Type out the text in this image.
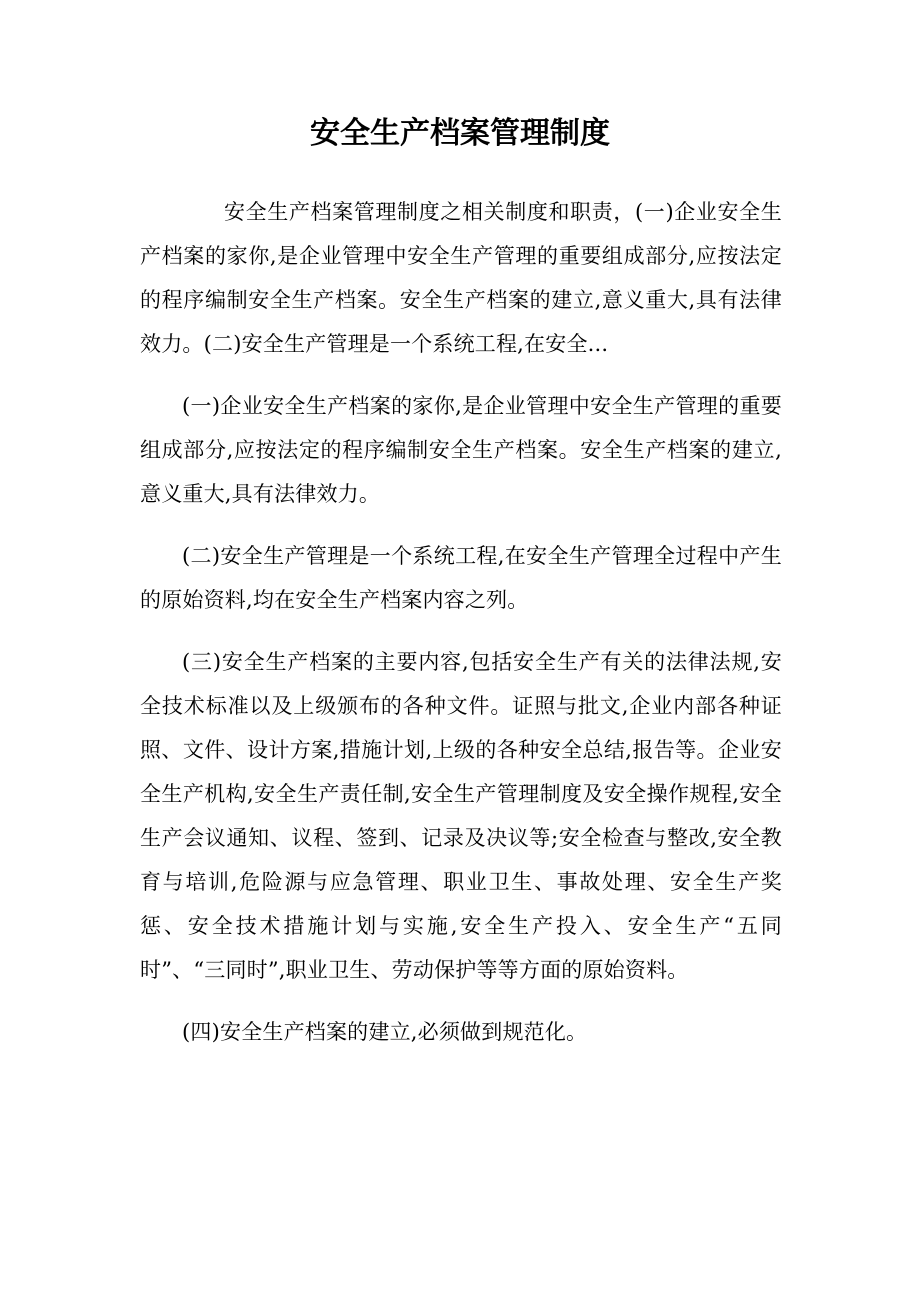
安全生产档案管理制度

安全生产档案管理制度之相关制度和职责，(一)企业安全生产档案的家你,是企业管理中安全生产管理的重要组成部分,应按法定的程序编制安全生产档案。安全生产档案的建立,意义重大,具有法律效力。(二)安全生产管理是一个系统工程,在安全...

(一)企业安全生产档案的家你,是企业管理中安全生产管理的重要组成部分,应按法定的程序编制安全生产档案。安全生产档案的建立,意义重大,具有法律效力。

(二)安全生产管理是一个系统工程,在安全生产管理全过程中产生的原始资料,均在安全生产档案内容之列。

(三)安全生产档案的主要内容,包括安全生产有关的法律法规,安全技术标准以及上级颁布的各种文件。证照与批文,企业内部各种证照、文件、设计方案,措施计划,上级的各种安全总结,报告等。企业安全生产机构,安全生产责任制,安全生产管理制度及安全操作规程,安全生产会议通知、议程、签到、记录及决议等;安全检查与整改,安全教育与培训,危险源与应急管理、职业卫生、事故处理、安全生产奖惩、安全技术措施计划与实施,安全生产投入、安全生产“五同时”、“三同时”,职业卫生、劳动保护等等方面的原始资料。

(四)安全生产档案的建立,必须做到规范化。
